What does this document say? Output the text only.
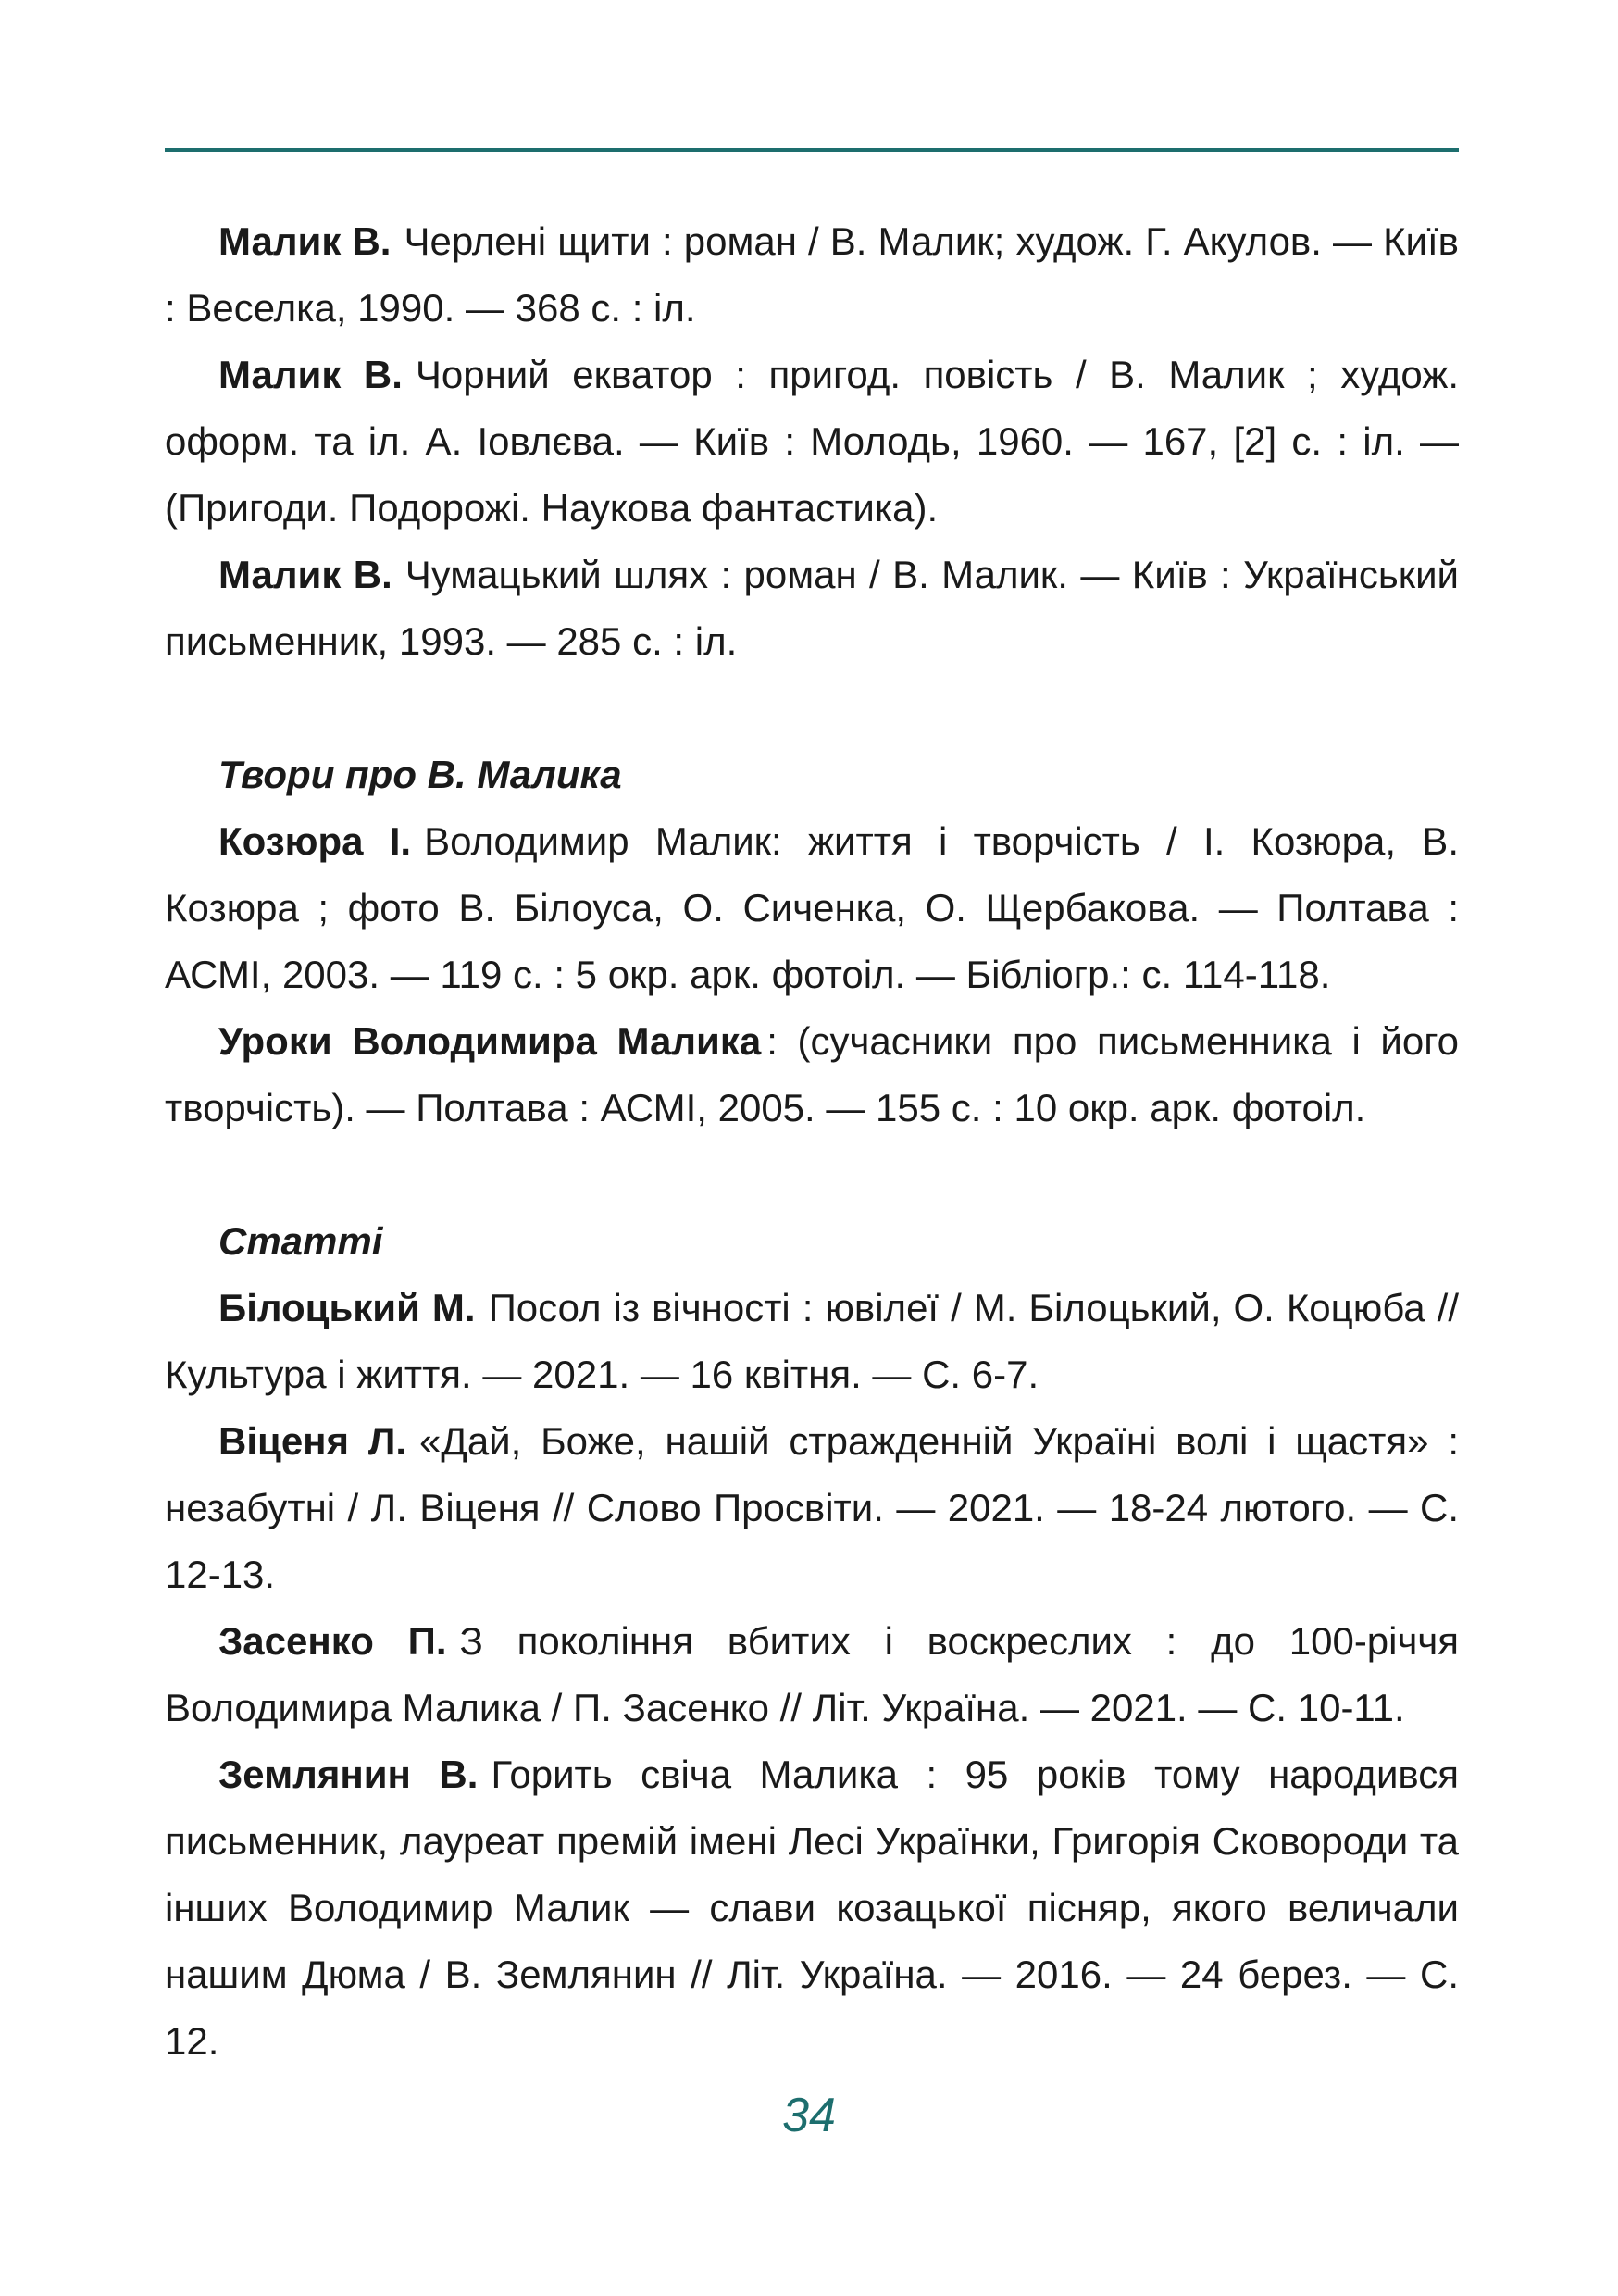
Малик В. Черлені щити : роман / В. Малик; худож. Г. Акулов. — Київ : Веселка, 1990. — 368 с. : іл.

Малик В. Чорний екватор : пригод. повість / В. Малик ; худож. оформ. та іл. А. Іовлєва. — Київ : Молодь, 1960. — 167, [2] с. : іл. — (Пригоди. Подорожі. Наукова фантастика).

Малик В. Чумацький шлях : роман / В. Малик. — Київ : Український письменник, 1993. — 285 с. : іл.

Твори про В. Малика

Козюра І. Володимир Малик: життя і творчість / І. Козюра, В. Козюра ; фото В. Білоуса, О. Сиченка, О. Щербакова. — Полтава : АСМІ, 2003. — 119 с. : 5 окр. арк. фотоіл. — Бібліогр.: с. 114-118.

Уроки Володимира Малика : (сучасники про письменника і його творчість). — Полтава : АСМІ, 2005. — 155 с. : 10 окр. арк. фотоіл.

Статті

Білоцький М. Посол із вічності : ювілеї / М. Білоцький, О. Коцюба // Культура і життя. — 2021. — 16 квітня. — С. 6-7.

Віценя Л. «Дай, Боже, нашій стражденній Україні волі і щастя» : незабутні / Л. Віценя // Слово Просвіти. — 2021. — 18-24 лютого. — С. 12-13.

Засенко П. З покоління вбитих і воскреслих : до 100-річчя Володимира Малика / П. Засенко // Літ. Україна. — 2021. — С. 10-11.

Землянин В. Горить свіча Малика : 95 років тому народився письменник, лауреат премій імені Лесі Українки, Григорія Сковороди та інших Володимир Малик — слави козацької пісняр, якого величали нашим Дюма / В. Землянин // Літ. Україна. — 2016. — 24 берез. — С. 12.

34
